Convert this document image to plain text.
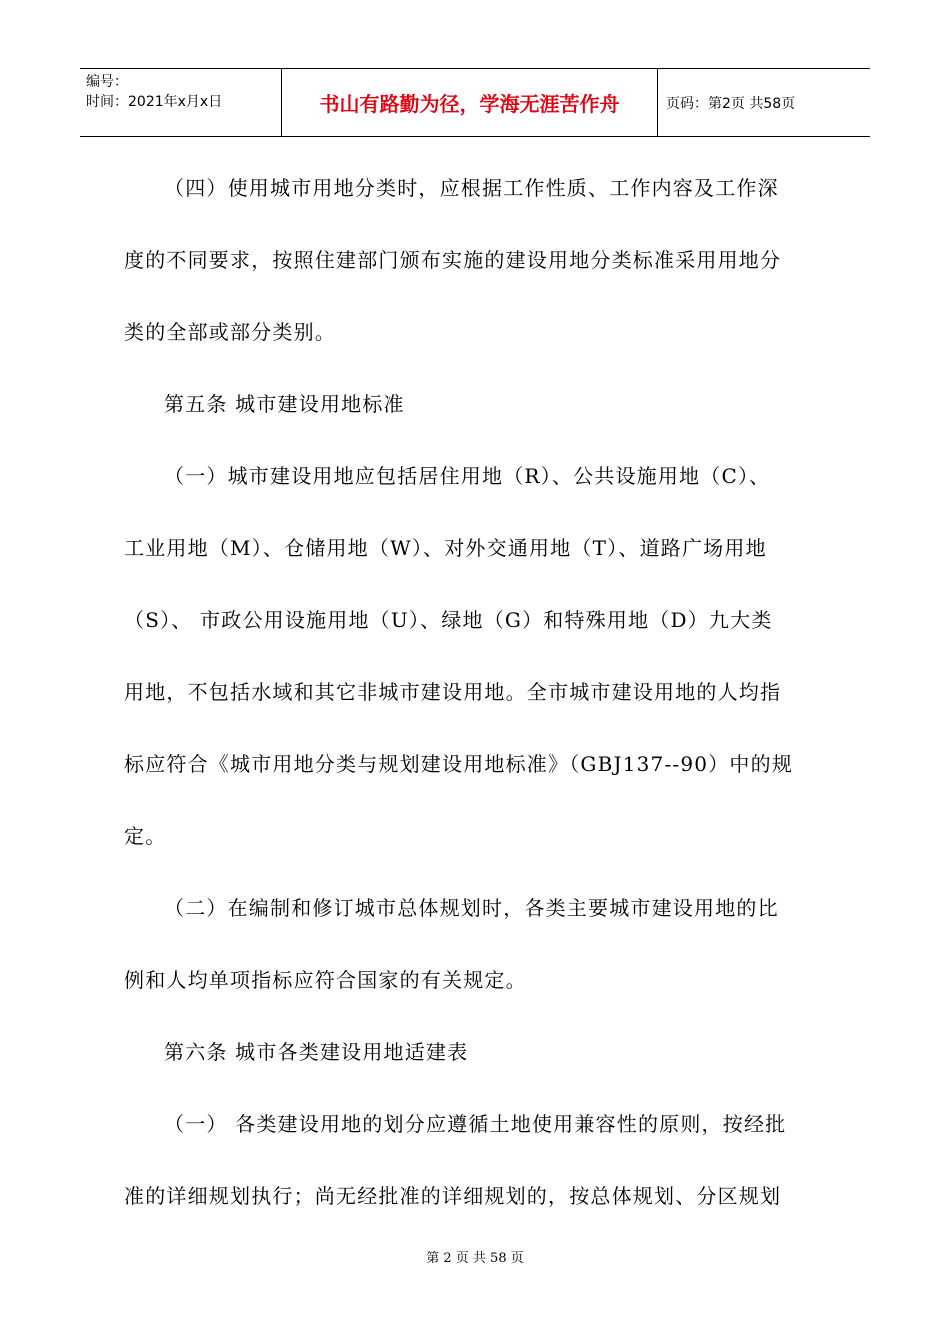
编号：
时间：2021年x月x日	书山有路勤为径，学海无涯苦作舟	页码：第2页 共58页

（四）使用城市用地分类时，应根据工作性质、工作内容及工作深

度的不同要求，按照住建部门颁布实施的建设用地分类标准采用用地分

类的全部或部分类别。

第五条 城市建设用地标准

（一）城市建设用地应包括居住用地（R）、公共设施用地（C）、

工业用地（M）、仓储用地（W）、对外交通用地（T）、道路广场用地

（S）、 市政公用设施用地（U）、绿地（G）和特殊用地（D）九大类

用地，不包括水域和其它非城市建设用地。全市城市建设用地的人均指

标应符合《城市用地分类与规划建设用地标准》（GBJ137--90）中的规

定。

（二）在编制和修订城市总体规划时，各类主要城市建设用地的比

例和人均单项指标应符合国家的有关规定。

第六条 城市各类建设用地适建表

（一） 各类建设用地的划分应遵循土地使用兼容性的原则，按经批

准的详细规划执行；尚无经批准的详细规划的，按总体规划、分区规划

第 2 页 共 58 页
